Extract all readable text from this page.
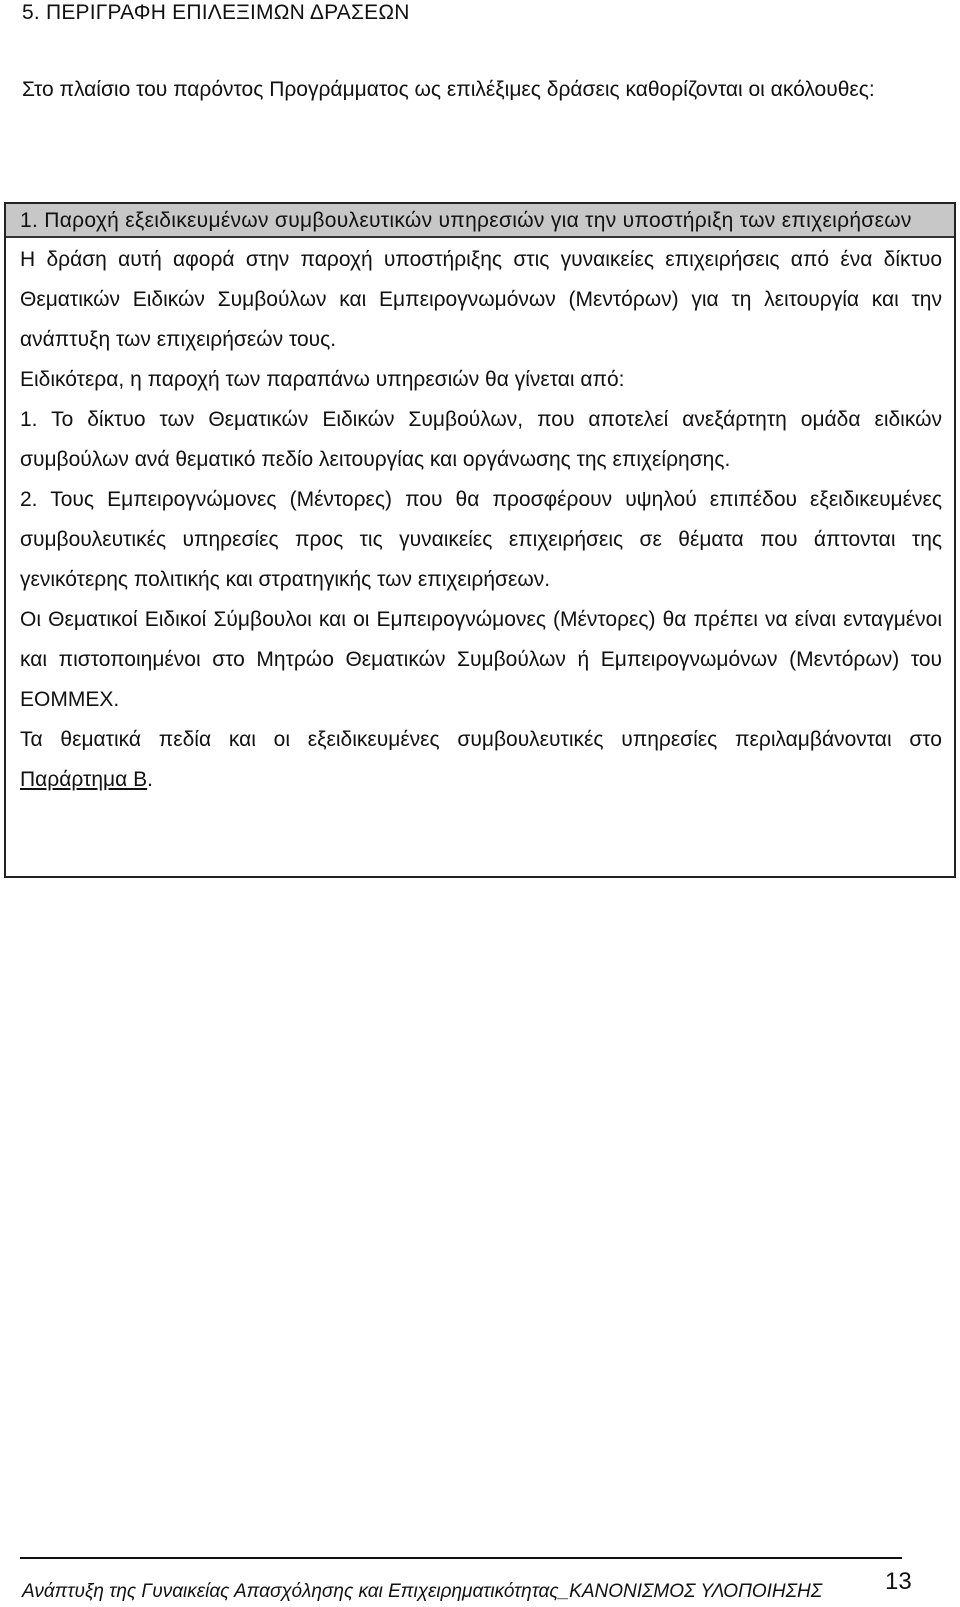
5. ΠΕΡΙΓΡΑΦΗ ΕΠΙΛΕΞΙΜΩΝ ΔΡΑΣΕΩΝ

Στο πλαίσιο του παρόντος Προγράμματος ως επιλέξιμες δράσεις καθορίζονται οι ακόλουθες:

1. Παροχή εξειδικευμένων συμβουλευτικών υπηρεσιών για την υποστήριξη των επιχειρήσεων

Η δράση αυτή αφορά στην παροχή υποστήριξης στις γυναικείες επιχειρήσεις από ένα δίκτυο Θεματικών Ειδικών Συμβούλων και Εμπειρογνωμόνων (Μεντόρων) για τη λειτουργία και την ανάπτυξη των επιχειρήσεών τους.

Ειδικότερα, η παροχή των παραπάνω υπηρεσιών θα γίνεται από:

1. Το δίκτυο των Θεματικών Ειδικών Συμβούλων, που αποτελεί ανεξάρτητη ομάδα ειδικών συμβούλων ανά θεματικό πεδίο λειτουργίας και οργάνωσης της επιχείρησης.

2. Τους Εμπειρογνώμονες (Μέντορες) που θα προσφέρουν υψηλού επιπέδου εξειδικευμένες συμβουλευτικές υπηρεσίες προς τις γυναικείες επιχειρήσεις σε θέματα που άπτονται της γενικότερης πολιτικής και στρατηγικής των επιχειρήσεων.

Οι Θεματικοί Ειδικοί Σύμβουλοι και οι Εμπειρογνώμονες (Μέντορες) θα πρέπει να είναι ενταγμένοι και πιστοποιημένοι στο Μητρώο Θεματικών Συμβούλων ή Εμπειρογνωμόνων (Μεντόρων) του ΕΟΜΜΕΧ.

Τα θεματικά πεδία και οι εξειδικευμένες συμβουλευτικές υπηρεσίες περιλαμβάνονται στο Παράρτημα Β.

Ανάπτυξη της Γυναικείας Απασχόλησης και Επιχειρηματικότητας_ΚΑΝΟΝΙΣΜΟΣ ΥΛΟΠΟΙΗΣΗΣ	13
